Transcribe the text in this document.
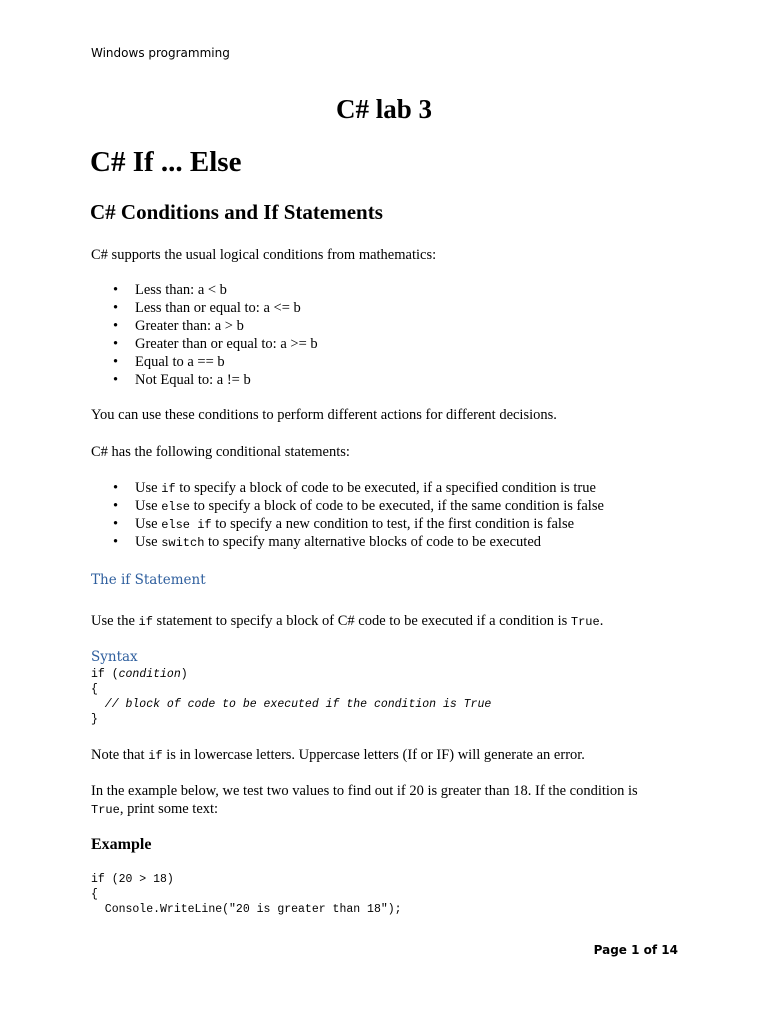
Windows programming
C# lab 3
C# If ... Else
C# Conditions and If Statements

C# supports the usual logical conditions from mathematics:

• Less than: a < b
• Less than or equal to: a <= b
• Greater than: a > b
• Greater than or equal to: a >= b
• Equal to a == b
• Not Equal to: a != b

You can use these conditions to perform different actions for different decisions.

C# has the following conditional statements:

• Use if to specify a block of code to be executed, if a specified condition is true
• Use else to specify a block of code to be executed, if the same condition is false
• Use else if to specify a new condition to test, if the first condition is false
• Use switch to specify many alternative blocks of code to be executed
The if Statement

Use the if statement to specify a block of C# code to be executed if a condition is True.

Syntax
if (condition)
{
// block of code to be executed if the condition is True
}

Note that if is in lowercase letters. Uppercase letters (If or IF) will generate an error.

In the example below, we test two values to find out if 20 is greater than 18. If the condition is
True, print some text:

Example
if (20 > 18)
{
Console.WriteLine("20 is greater than 18");
Page 1 of 14
